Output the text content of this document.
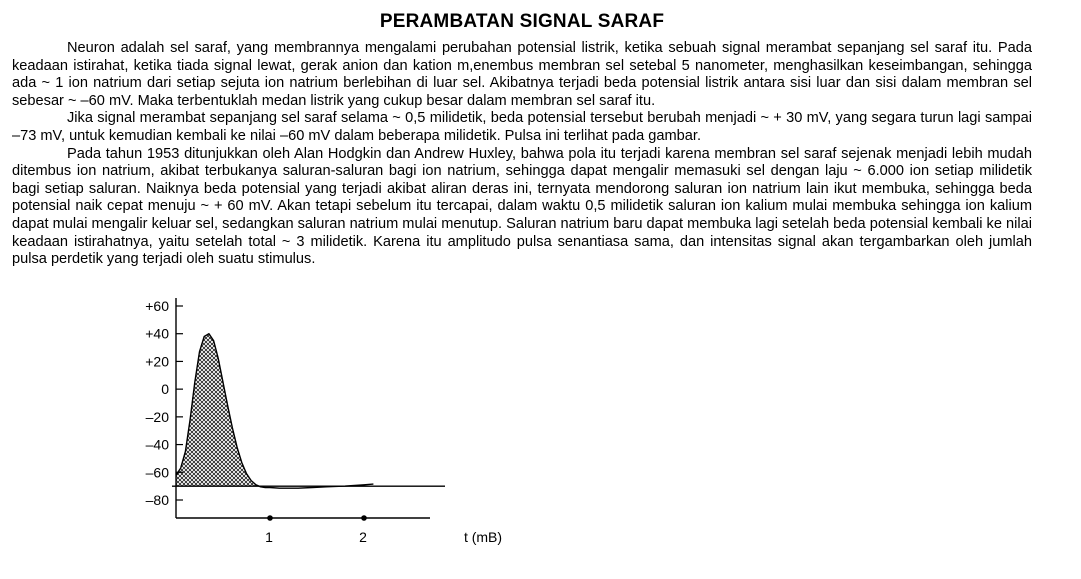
PERAMBATAN SIGNAL SARAF

Neuron adalah sel saraf, yang membrannya mengalami perubahan potensial listrik, ketika sebuah signal merambat sepanjang sel saraf itu. Pada keadaan istirahat, ketika tiada signal lewat, gerak anion dan kation m,enembus membran sel setebal 5 nanometer, menghasilkan keseimbangan, sehingga ada ~ 1 ion natrium dari setiap sejuta ion natrium berlebihan di luar sel. Akibatnya terjadi beda potensial listrik antara sisi luar dan sisi dalam membran sel sebesar ~ –60 mV. Maka terbentuklah medan listrik yang cukup besar dalam membran sel saraf itu.

Jika signal merambat sepanjang sel saraf selama ~ 0,5 milidetik, beda potensial tersebut berubah menjadi ~ + 30 mV, yang segara turun lagi sampai –73 mV, untuk kemudian kembali ke nilai –60 mV dalam beberapa milidetik. Pulsa ini terlihat pada gambar.

Pada tahun 1953 ditunjukkan oleh Alan Hodgkin dan Andrew Huxley, bahwa pola itu terjadi karena membran sel saraf sejenak menjadi lebih mudah ditembus ion natrium, akibat terbukanya saluran-saluran bagi ion natrium, sehingga dapat mengalir memasuki sel dengan laju ~ 6.000 ion setiap milidetik bagi setiap saluran. Naiknya beda potensial yang terjadi akibat aliran deras ini, ternyata mendorong saluran ion natrium lain ikut membuka, sehingga beda potensial naik cepat menuju ~ + 60 mV. Akan tetapi sebelum itu tercapai, dalam waktu 0,5 milidetik saluran ion kalium mulai membuka sehingga ion kalium dapat mulai mengalir keluar sel, sedangkan saluran natrium mulai menutup. Saluran natrium baru dapat membuka lagi setelah beda potensial kembali ke nilai keadaan istirahatnya, yaitu setelah total ~ 3 milidetik. Karena itu amplitudo pulsa senantiasa sama, dan intensitas signal akan tergambarkan oleh jumlah pulsa perdetik yang terjadi oleh suatu stimulus.

+60
+40
+20
0
–20
–40
–60
–80
1	2	t (mB)
